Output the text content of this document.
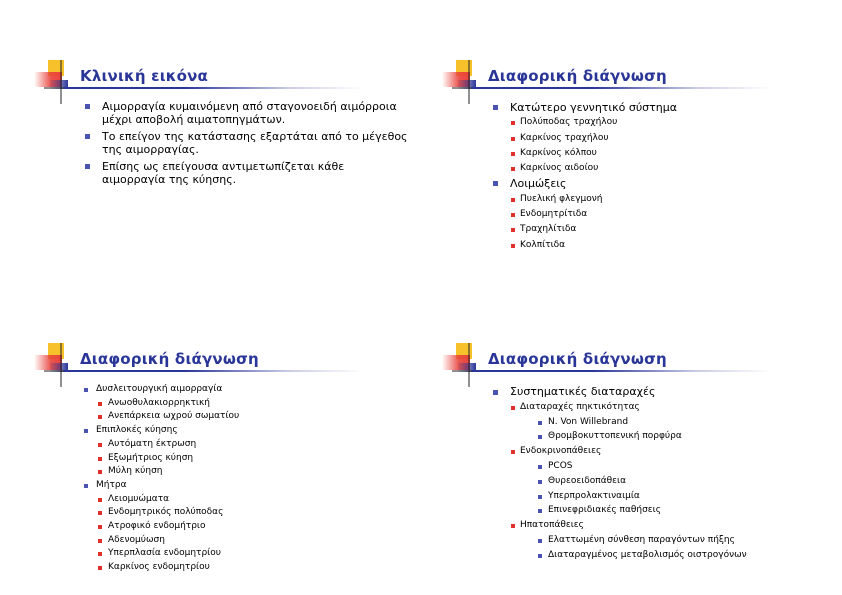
Κλινική εικόνα
Αιμορραγία κυμαινόμενη από σταγονοειδή αιμόρροια
μέχρι αποβολή αιματοπηγμάτων.
Το επείγον της κατάστασης εξαρτάται από το μέγεθος
της αιμορραγίας.
Επίσης ως επείγουσα αντιμετωπίζεται κάθε
αιμορραγία της κύησης.
Διαφορική διάγνωση
Κατώτερο γεννητικό σύστημα
Πολύποδας τραχήλου
Καρκίνος τραχήλου
Καρκίνος κόλπου
Καρκίνος αιδοίου
Λοιμώξεις
Πυελική φλεγμονή
Ενδομητρίτιδα
Τραχηλίτιδα
Κολπίτιδα
Διαφορική διάγνωση
Δυσλειτουργική αιμορραγία
Ανωοθυλακιορρηκτική
Ανεπάρκεια ωχρού σωματίου
Επιπλοκές κύησης
Αυτόματη έκτρωση
Εξωμήτριος κύηση
Μύλη κύηση
Μήτρα
Λειομυώματα
Ενδομητρικός πολύποδας
Ατροφικό ενδομήτριο
Αδενομύωση
Υπερπλασία ενδομητρίου
Καρκίνος ενδομητρίου
Διαφορική διάγνωση
Συστηματικές διαταραχές
Διαταραχές πηκτικότητας
N. Von Willebrand
Θρομβοκυττοπενική πορφύρα
Ενδοκρινοπάθειες
PCOS
Θυρεοειδοπάθεια
Υπερπρολακτιναιμία
Επινεφριδιακές παθήσεις
Ηπατοπάθειες
Ελαττωμένη σύνθεση παραγόντων πήξης
Διαταραγμένος μεταβολισμός οιστρογόνων
